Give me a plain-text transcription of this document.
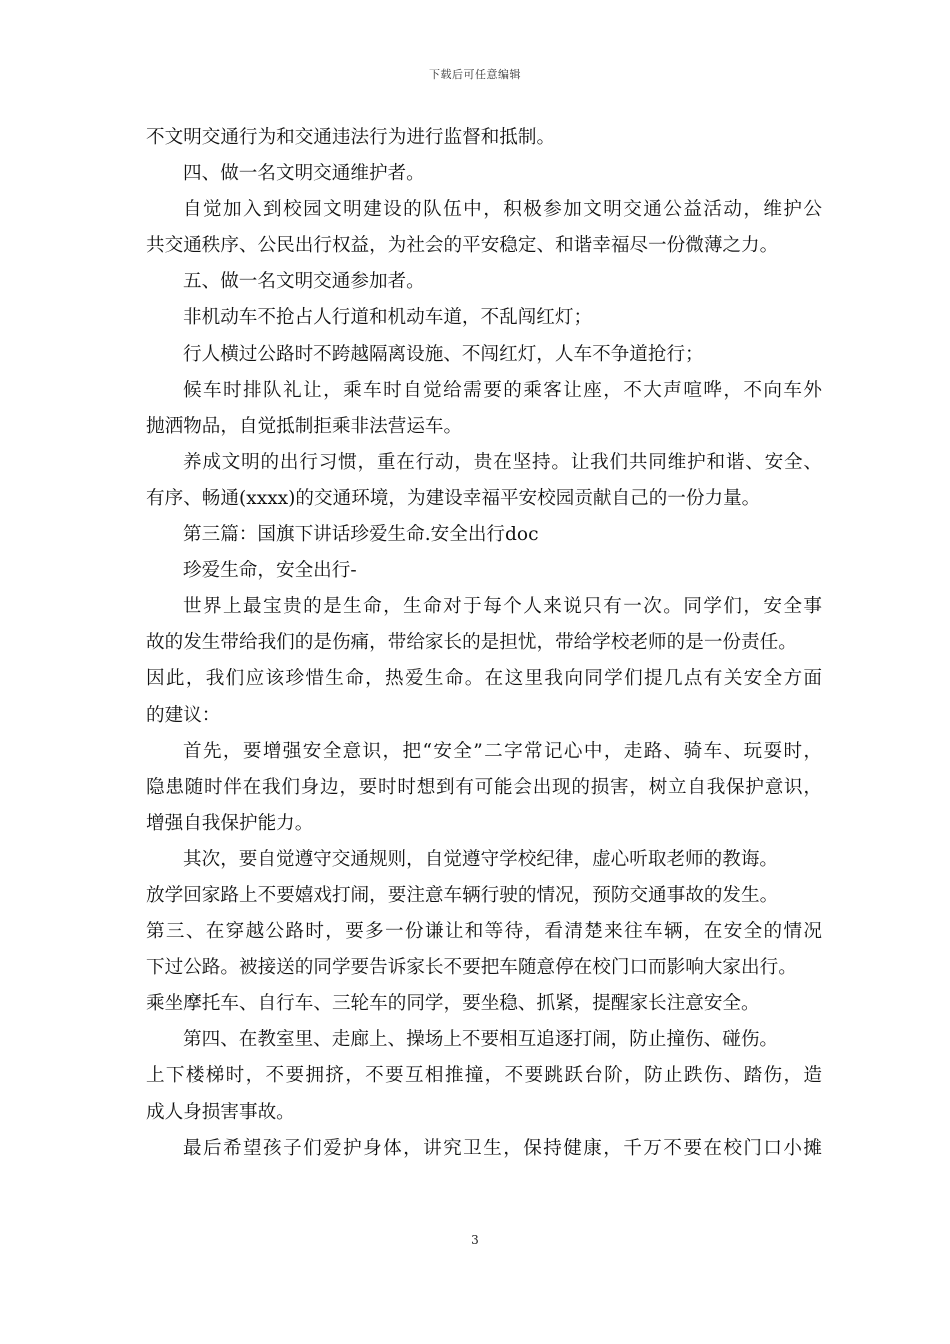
下载后可任意编辑
不文明交通行为和交通违法行为进行监督和抵制。
四、做一名文明交通维护者。
自觉加入到校园文明建设的队伍中，积极参加文明交通公益活动，维护公
共交通秩序、公民出行权益，为社会的平安稳定、和谐幸福尽一份微薄之力。
五、做一名文明交通参加者。
非机动车不抢占人行道和机动车道，不乱闯红灯；
行人横过公路时不跨越隔离设施、不闯红灯，人车不争道抢行；
候车时排队礼让，乘车时自觉给需要的乘客让座，不大声喧哗，不向车外
抛洒物品，自觉抵制拒乘非法营运车。
养成文明的出行习惯，重在行动，贵在坚持。让我们共同维护和谐、安全、
有序、畅通(xxxx)的交通环境，为建设幸福平安校园贡献自己的一份力量。
第三篇：国旗下讲话珍爱生命.安全出行doc
珍爱生命，安全出行-
世界上最宝贵的是生命，生命对于每个人来说只有一次。同学们，安全事
故的发生带给我们的是伤痛，带给家长的是担忧，带给学校老师的是一份责任。
因此，我们应该珍惜生命，热爱生命。在这里我向同学们提几点有关安全方面
的建议：
首先，要增强安全意识，把“安全”二字常记心中，走路、骑车、玩耍时，
隐患随时伴在我们身边，要时时想到有可能会出现的损害，树立自我保护意识，
增强自我保护能力。
其次，要自觉遵守交通规则，自觉遵守学校纪律，虚心听取老师的教诲。
放学回家路上不要嬉戏打闹，要注意车辆行驶的情况，预防交通事故的发生。
第三、在穿越公路时，要多一份谦让和等待，看清楚来往车辆，在安全的情况
下过公路。被接送的同学要告诉家长不要把车随意停在校门口而影响大家出行。
乘坐摩托车、自行车、三轮车的同学，要坐稳、抓紧，提醒家长注意安全。
第四、在教室里、走廊上、操场上不要相互追逐打闹，防止撞伤、碰伤。
上下楼梯时，不要拥挤，不要互相推撞，不要跳跃台阶，防止跌伤、踏伤，造
成人身损害事故。
最后希望孩子们爱护身体，讲究卫生，保持健康，千万不要在校门口小摊
3
